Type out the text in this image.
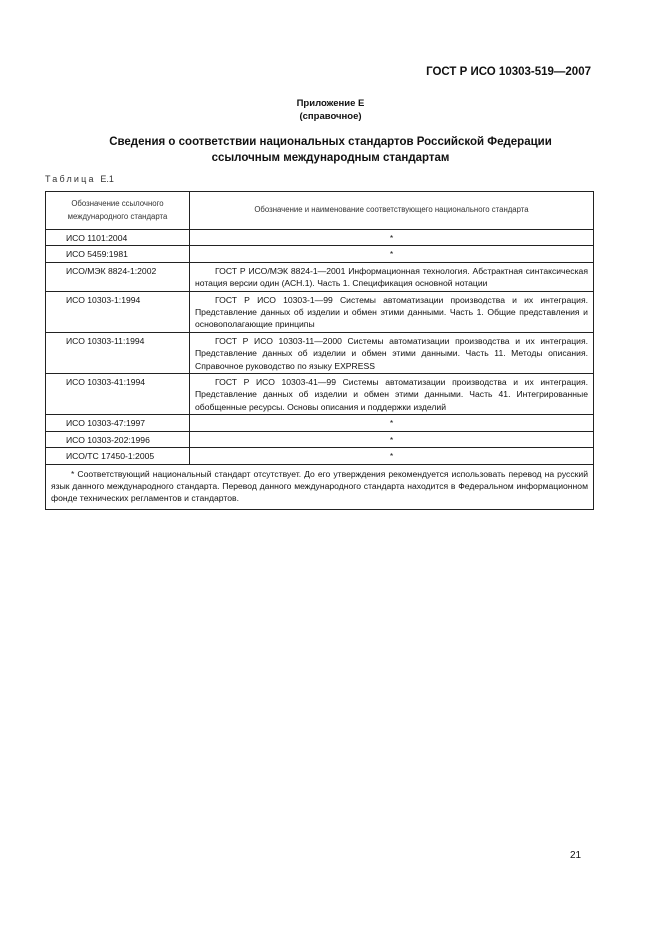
ГОСТ Р ИСО 10303-519—2007
Приложение Е
(справочное)
Сведения о соответствии национальных стандартов Российской Федерации
ссылочным международным стандартам
Таблица Е.1
Обозначение ссылочного международного стандарта	Обозначение и наименование соответствующего национального стандарта
ИСО 1101:2004	*
ИСО 5459:1981	*
ИСО/МЭК 8824-1:2002	ГОСТ Р ИСО/МЭК 8824-1—2001 Информационная технология. Абстрактная синтаксическая нотация версии один (АСН.1). Часть 1. Спецификация основной нотации
ИСО 10303-1:1994	ГОСТ Р ИСО 10303-1—99 Системы автоматизации производства и их интеграция. Представление данных об изделии и обмен этими данными. Часть 1. Общие представления и основополагающие принципы
ИСО 10303-11:1994	ГОСТ Р ИСО 10303-11—2000 Системы автоматизации производства и их интеграция. Представление данных об изделии и обмен этими данными. Часть 11. Методы описания. Справочное руководство по языку EXPRESS
ИСО 10303-41:1994	ГОСТ Р ИСО 10303-41—99 Системы автоматизации производства и их интеграция. Представление данных об изделии и обмен этими данными. Часть 41. Интегрированные обобщенные ресурсы. Основы описания и поддержки изделий
ИСО 10303-47:1997	*
ИСО 10303-202:1996	*
ИСО/ТС 17450-1:2005	*
* Соответствующий национальный стандарт отсутствует. До его утверждения рекомендуется использовать перевод на русский язык данного международного стандарта. Перевод данного международного стандарта находится в Федеральном информационном фонде технических регламентов и стандартов.	
21
